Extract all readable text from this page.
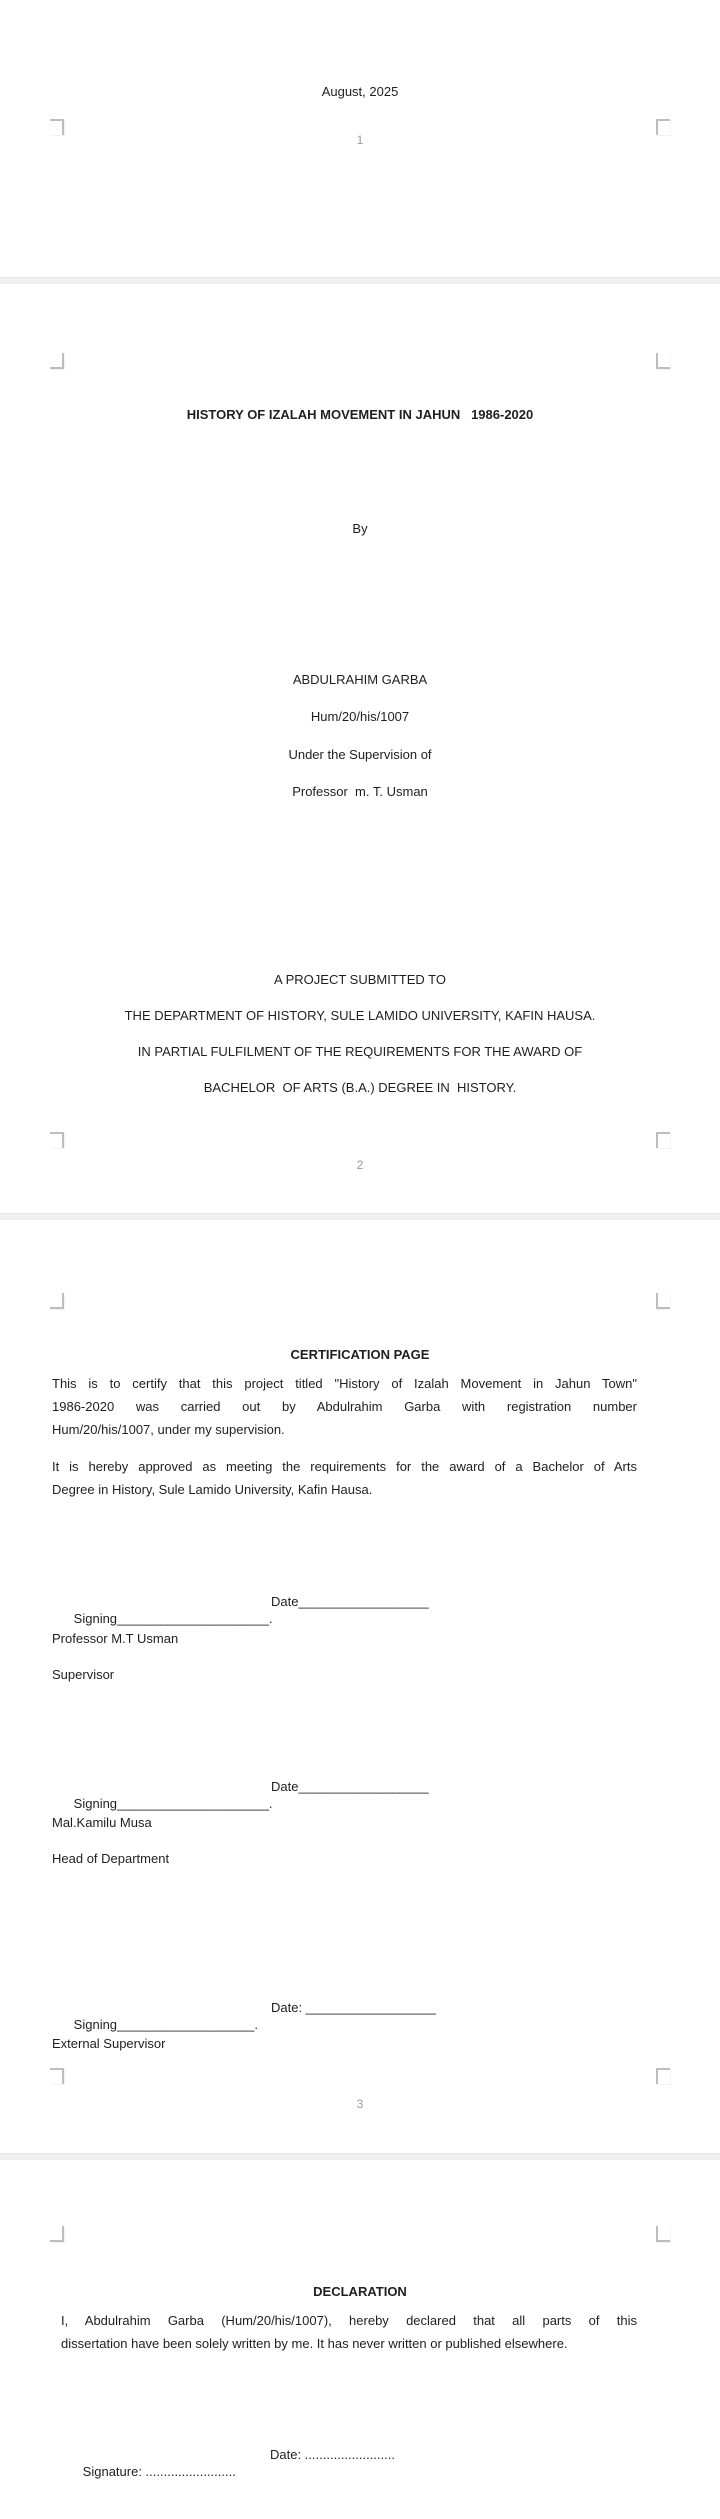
August, 2025
1
HISTORY OF IZALAH MOVEMENT IN JAHUN   1986-2020
By
ABDULRAHIM GARBA
Hum/20/his/1007
Under the Supervision of
Professor  m. T. Usman
A PROJECT SUBMITTED TO
THE DEPARTMENT OF HISTORY, SULE LAMIDO UNIVERSITY, KAFIN HAUSA.
IN PARTIAL FULFILMENT OF THE REQUIREMENTS FOR THE AWARD OF
BACHELOR  OF ARTS (B.A.) DEGREE IN  HISTORY.
2
CERTIFICATION PAGE
This is to certify that this project titled "History of Izalah Movement in Jahun Town"
1986-2020 was carried out by Abdulrahim Garba with registration number
Hum/20/his/1007, under my supervision.
It is hereby approved as meeting the requirements for the award of a Bachelor of Arts
Degree in History, Sule Lamido University, Kafin Hausa.

Signing_____________________.

Date__________________

Professor M.T Usman
Supervisor

Signing_____________________.

Date__________________

Mal.Kamilu Musa
Head of Department

Signing___________________.

Date: __________________

External Supervisor
3
DECLARATION
I, Abdulrahim Garba (Hum/20/his/1007), hereby declared that all parts of this
dissertation have been solely written by me. It has never written or published elsewhere.

Signature: .........................

Date: .........................
